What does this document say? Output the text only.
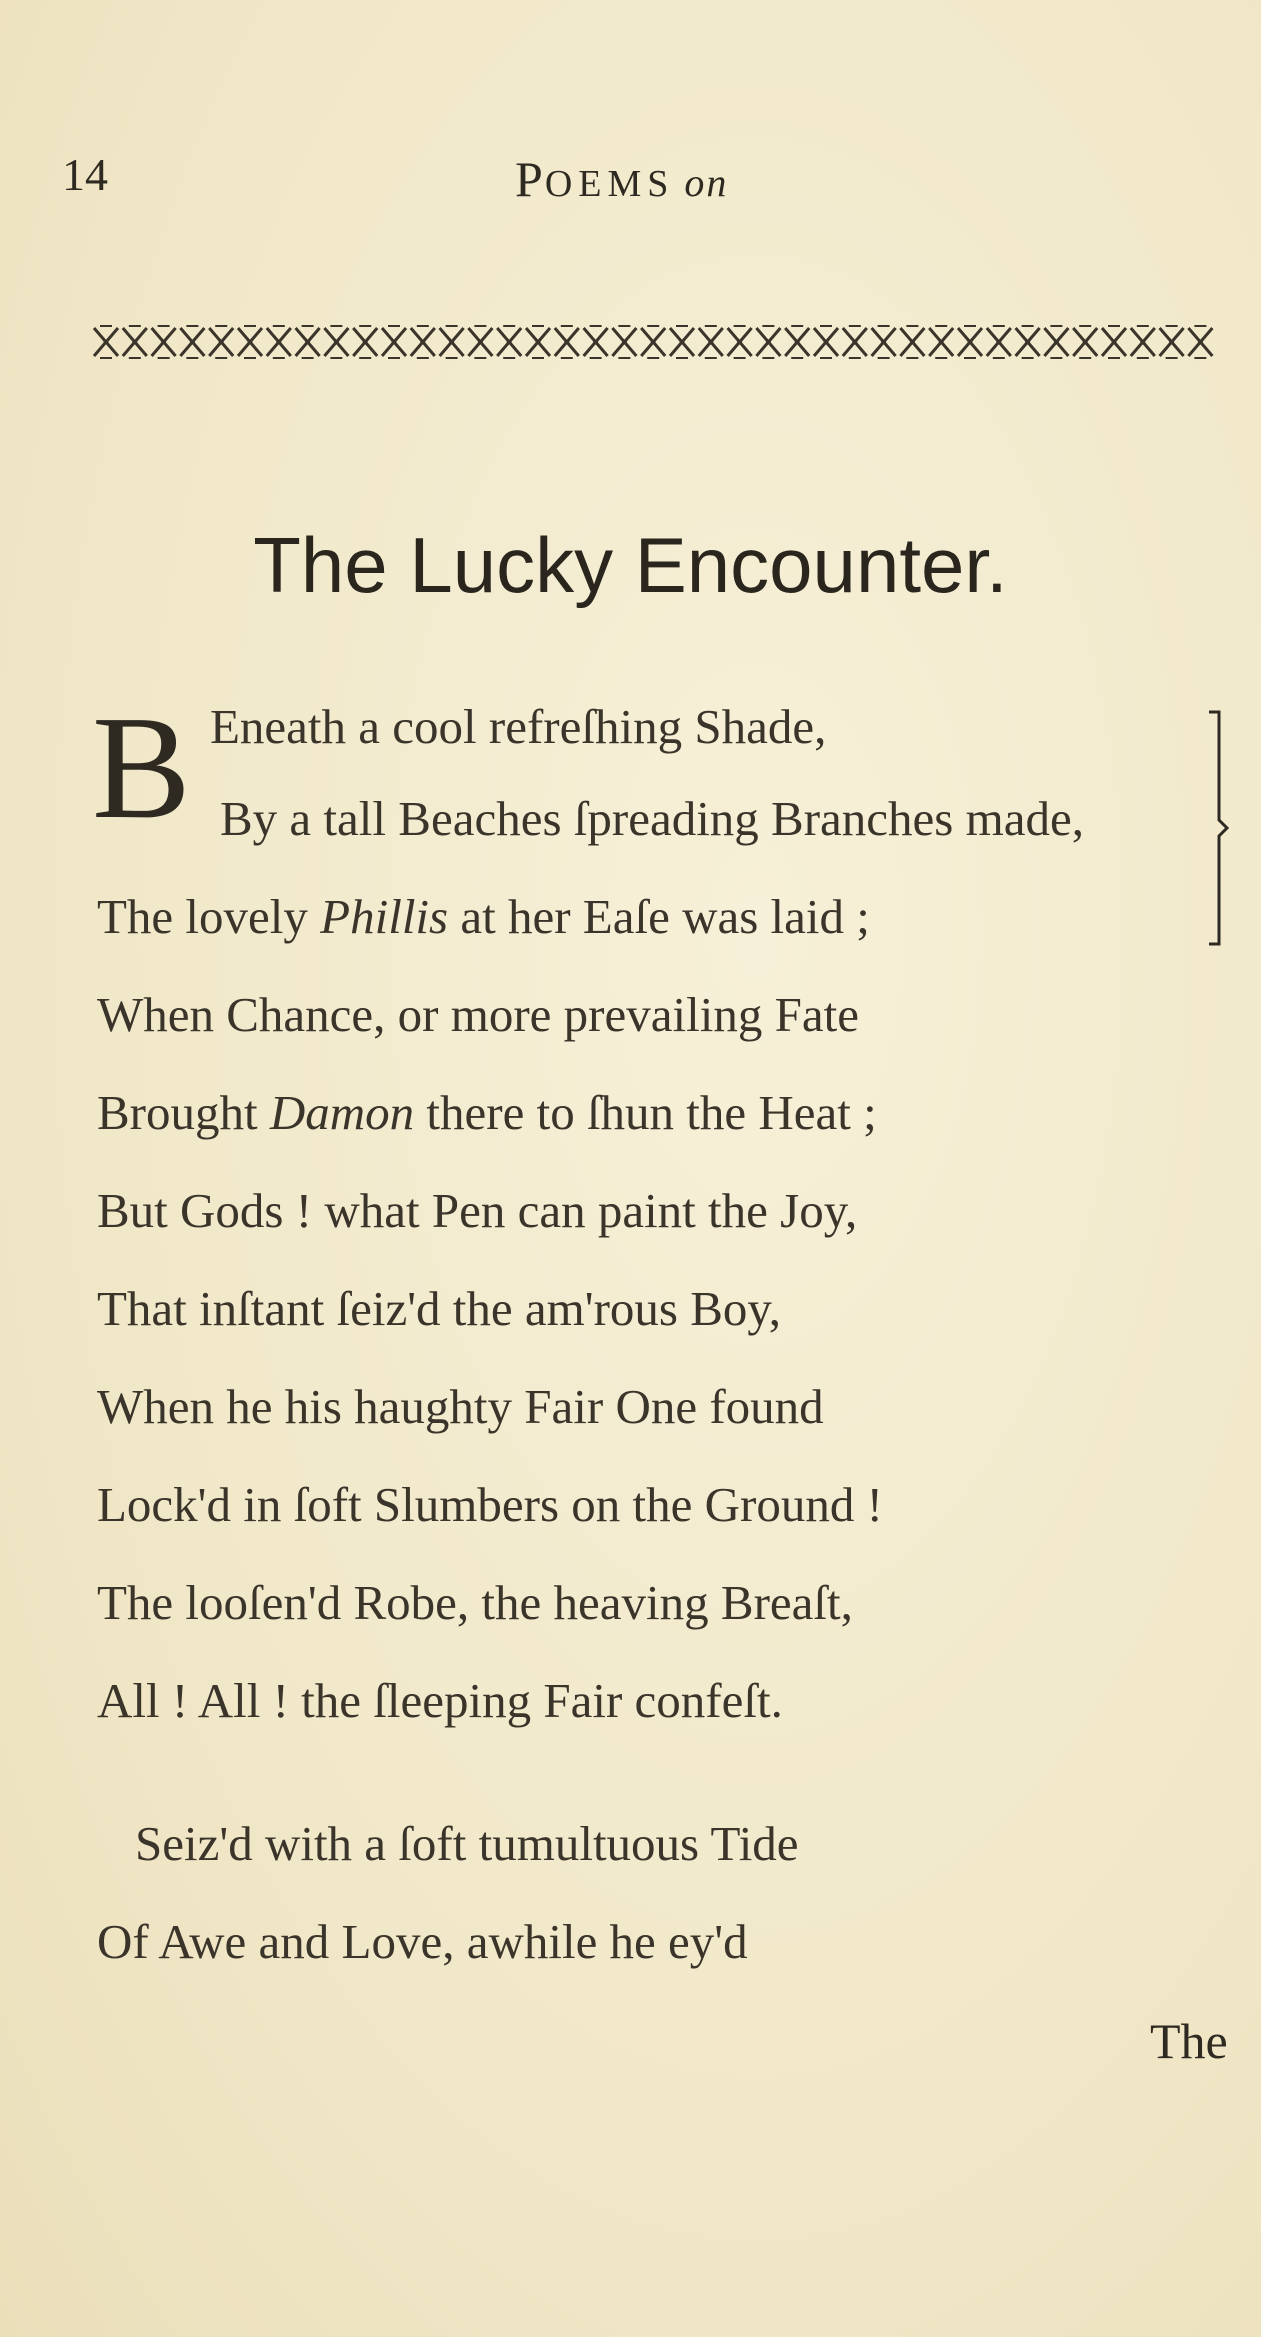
14	POEMS on
The Lucky Encounter.
B Eneath a cool refreſhing Shade,
By a tall Beaches ſpreading Branches made,
The lovely Phillis at her Eaſe was laid ;
When Chance, or more prevailing Fate
Brought Damon there to ſhun the Heat ;
But Gods ! what Pen can paint the Joy,
That inſtant ſeiz'd the am'rous Boy,
When he his haughty Fair One found
Lock'd in ſoft Slumbers on the Ground !
The looſen'd Robe, the heaving Breaſt,
All ! All ! the ſleeping Fair confeſt.
Seiz'd with a ſoft tumultuous Tide
Of Awe and Love, awhile he ey'd
The
